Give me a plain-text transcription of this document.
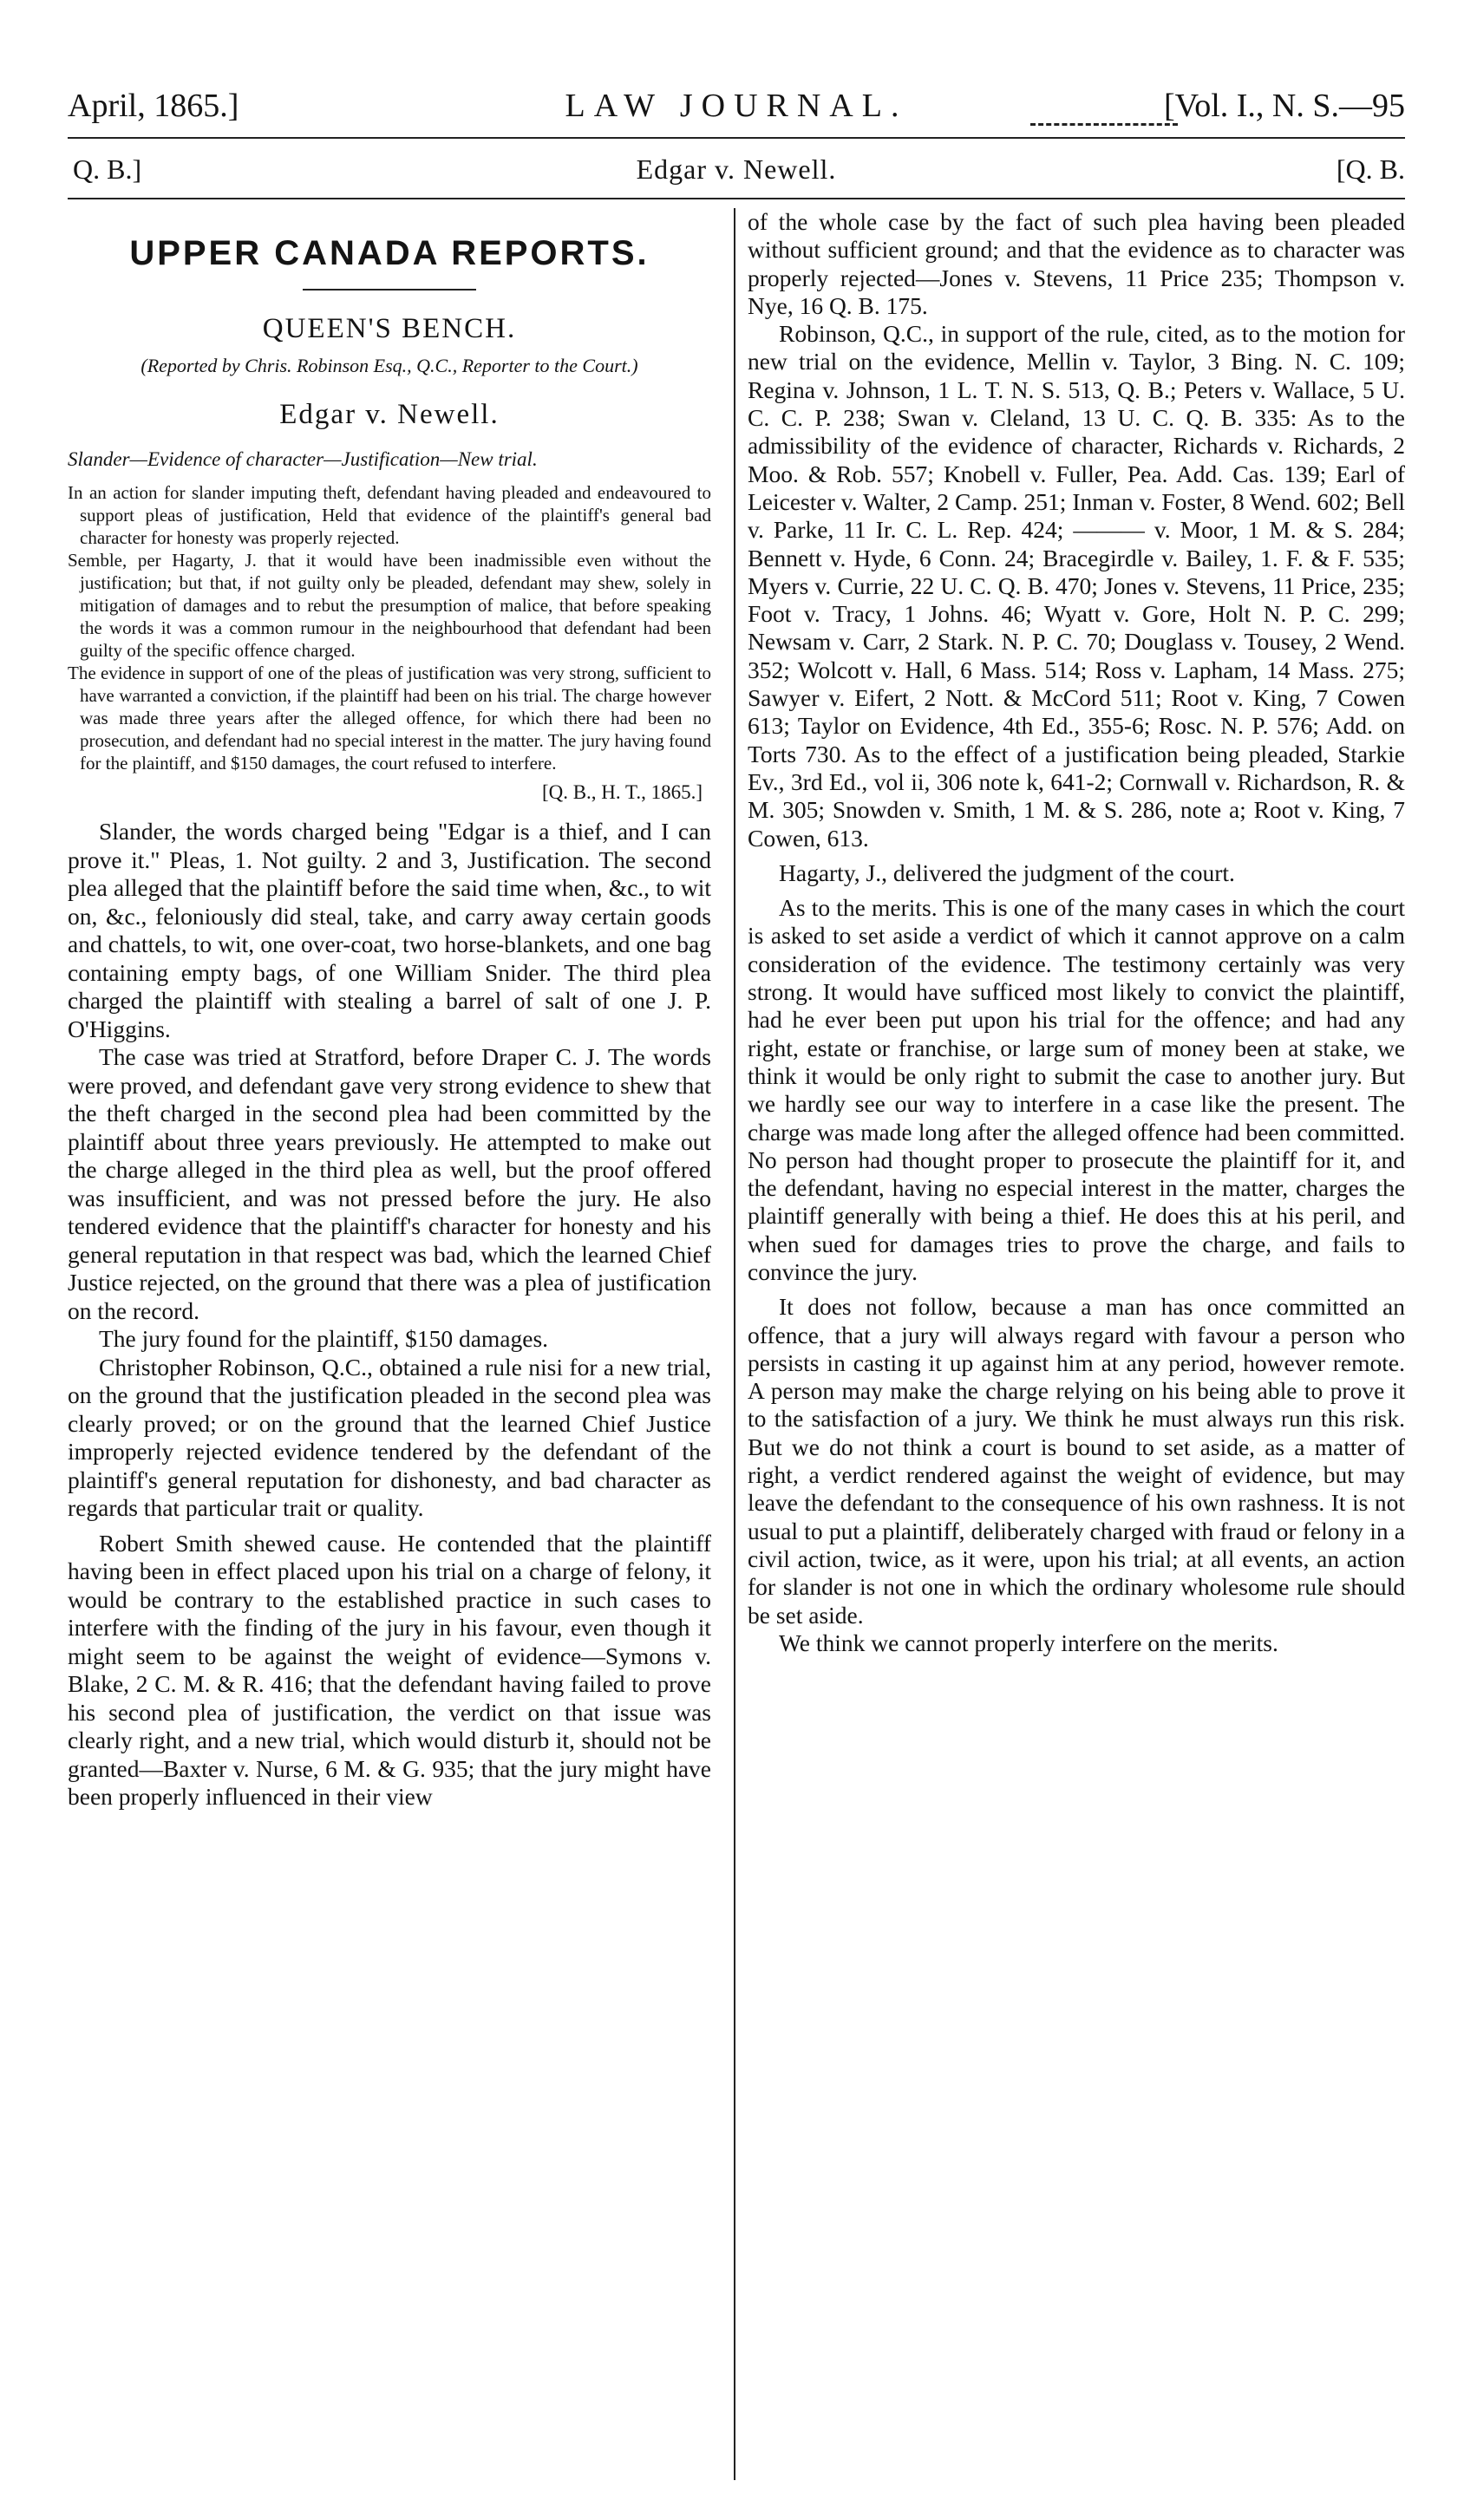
April, 1865.]	LAW JOURNAL.	[Vol. I., N. S.—95
Q. B.]	Edgar v. Newell.	[Q. B.
UPPER CANADA REPORTS.
QUEEN'S BENCH.
(Reported by Chris. Robinson Esq., Q.C., Reporter to the Court.)
Edgar v. Newell.
Slander—Evidence of character—Justification—New trial.

In an action for slander imputing theft, defendant having pleaded and endeavoured to support pleas of justification, Held that evidence of the plaintiff's general bad character for honesty was properly rejected.

Semble, per Hagarty, J. that it would have been inadmissible even without the justification; but that, if not guilty only be pleaded, defendant may shew, solely in mitigation of damages and to rebut the presumption of malice, that before speaking the words it was a common rumour in the neighbourhood that defendant had been guilty of the specific offence charged.

The evidence in support of one of the pleas of justification was very strong, sufficient to have warranted a conviction, if the plaintiff had been on his trial. The charge however was made three years after the alleged offence, for which there had been no prosecution, and defendant had no special interest in the matter. The jury having found for the plaintiff, and $150 damages, the court refused to interfere.

[Q. B., H. T., 1865.]

Slander, the words charged being "Edgar is a thief, and I can prove it." Pleas, 1. Not guilty. 2 and 3, Justification. The second plea alleged that the plaintiff before the said time when, &c., to wit on, &c., feloniously did steal, take, and carry away certain goods and chattels, to wit, one over-coat, two horse-blankets, and one bag containing empty bags, of one William Snider. The third plea charged the plaintiff with stealing a barrel of salt of one J. P. O'Higgins.

The case was tried at Stratford, before Draper C. J. The words were proved, and defendant gave very strong evidence to shew that the theft charged in the second plea had been committed by the plaintiff about three years previously. He attempted to make out the charge alleged in the third plea as well, but the proof offered was insufficient, and was not pressed before the jury. He also tendered evidence that the plaintiff's character for honesty and his general reputation in that respect was bad, which the learned Chief Justice rejected, on the ground that there was a plea of justification on the record.

The jury found for the plaintiff, $150 damages.

Christopher Robinson, Q.C., obtained a rule nisi for a new trial, on the ground that the justification pleaded in the second plea was clearly proved; or on the ground that the learned Chief Justice improperly rejected evidence tendered by the defendant of the plaintiff's general reputation for dishonesty, and bad character as regards that particular trait or quality.

Robert Smith shewed cause. He contended that the plaintiff having been in effect placed upon his trial on a charge of felony, it would be contrary to the established practice in such cases to interfere with the finding of the jury in his favour, even though it might seem to be against the weight of evidence—Symons v. Blake, 2 C. M. & R. 416; that the defendant having failed to prove his second plea of justification, the verdict on that issue was clearly right, and a new trial, which would disturb it, should not be granted—Baxter v. Nurse, 6 M. & G. 935; that the jury might have been properly influenced in their view

of the whole case by the fact of such plea having been pleaded without sufficient ground; and that the evidence as to character was properly rejected—Jones v. Stevens, 11 Price 235; Thompson v. Nye, 16 Q. B. 175.

Robinson, Q.C., in support of the rule, cited, as to the motion for new trial on the evidence, Mellin v. Taylor, 3 Bing. N. C. 109; Regina v. Johnson, 1 L. T. N. S. 513, Q. B.; Peters v. Wallace, 5 U. C. C. P. 238; Swan v. Cleland, 13 U. C. Q. B. 335: As to the admissibility of the evidence of character, Richards v. Richards, 2 Moo. & Rob. 557; Knobell v. Fuller, Pea. Add. Cas. 139; Earl of Leicester v. Walter, 2 Camp. 251; Inman v. Foster, 8 Wend. 602; Bell v. Parke, 11 Ir. C. L. Rep. 424; ——— v. Moor, 1 M. & S. 284; Bennett v. Hyde, 6 Conn. 24; Bracegirdle v. Bailey, 1. F. & F. 535; Myers v. Currie, 22 U. C. Q. B. 470; Jones v. Stevens, 11 Price, 235; Foot v. Tracy, 1 Johns. 46; Wyatt v. Gore, Holt N. P. C. 299; Newsam v. Carr, 2 Stark. N. P. C. 70; Douglass v. Tousey, 2 Wend. 352; Wolcott v. Hall, 6 Mass. 514; Ross v. Lapham, 14 Mass. 275; Sawyer v. Eifert, 2 Nott. & McCord 511; Root v. King, 7 Cowen 613; Taylor on Evidence, 4th Ed., 355-6; Rosc. N. P. 576; Add. on Torts 730. As to the effect of a justification being pleaded, Starkie Ev., 3rd Ed., vol ii, 306 note k, 641-2; Cornwall v. Richardson, R. & M. 305; Snowden v. Smith, 1 M. & S. 286, note a; Root v. King, 7 Cowen, 613.

Hagarty, J., delivered the judgment of the court.

As to the merits. This is one of the many cases in which the court is asked to set aside a verdict of which it cannot approve on a calm consideration of the evidence. The testimony certainly was very strong. It would have sufficed most likely to convict the plaintiff, had he ever been put upon his trial for the offence; and had any right, estate or franchise, or large sum of money been at stake, we think it would be only right to submit the case to another jury. But we hardly see our way to interfere in a case like the present. The charge was made long after the alleged offence had been committed. No person had thought proper to prosecute the plaintiff for it, and the defendant, having no especial interest in the matter, charges the plaintiff generally with being a thief. He does this at his peril, and when sued for damages tries to prove the charge, and fails to convince the jury.

It does not follow, because a man has once committed an offence, that a jury will always regard with favour a person who persists in casting it up against him at any period, however remote. A person may make the charge relying on his being able to prove it to the satisfaction of a jury. We think he must always run this risk. But we do not think a court is bound to set aside, as a matter of right, a verdict rendered against the weight of evidence, but may leave the defendant to the consequence of his own rashness. It is not usual to put a plaintiff, deliberately charged with fraud or felony in a civil action, twice, as it were, upon his trial; at all events, an action for slander is not one in which the ordinary wholesome rule should be set aside.

We think we cannot properly interfere on the merits.
